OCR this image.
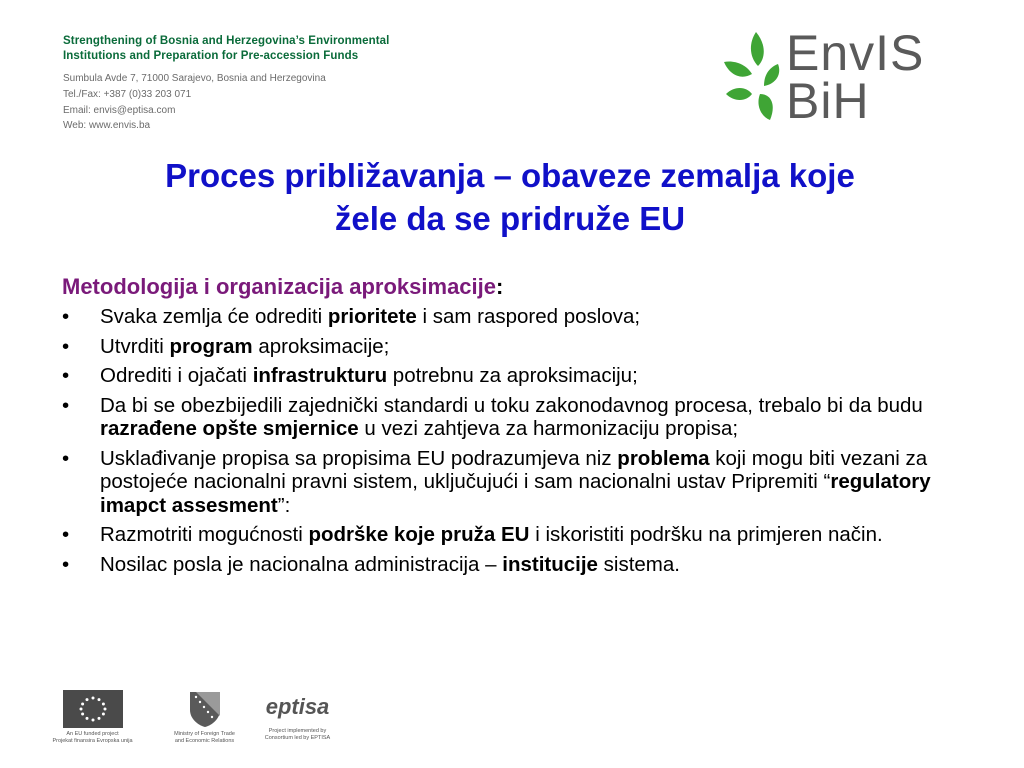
Strengthening of Bosnia and Herzegovina’s Environmental
Institutions and Preparation for Pre-accession Funds
Sumbula Avde 7, 71000 Sarajevo, Bosnia and Herzegovina
Tel./Fax: +387 (0)33 203 071
Email: envis@eptisa.com
Web: www.envis.ba
EnvIS
BiH
Proces približavanja – obaveze zemalja koje
žele da se pridruže EU
Metodologija i organizacija aproksimacije:
• Svaka zemlja će odrediti prioritete i sam raspored poslova;
• Utvrditi program aproksimacije;
• Odrediti i ojačati infrastrukturu potrebnu za aproksimaciju;
• Da bi se obezbijedili zajednički standardi u toku zakonodavnog procesa, trebalo bi da budu razrađene opšte smjernice u vezi zahtjeva za harmonizaciju propisa;
• Usklađivanje propisa sa propisima EU podrazumjeva niz problema koji mogu biti vezani za postojeće nacionalni pravni sistem, uključujući i sam nacionalni ustav Pripremiti “regulatory imapct assesment”:
• Razmotriti mogućnosti podrške koje pruža EU i iskoristiti podršku na primjeren način.
• Nosilac posla je nacionalna administracija – institucije sistema.
An EU funded project
Projekat finansira Evropska unija
Ministry of Foreign Trade
and Economic Relations
eptisa
Project implemented by
Consortium led by EPTISA
